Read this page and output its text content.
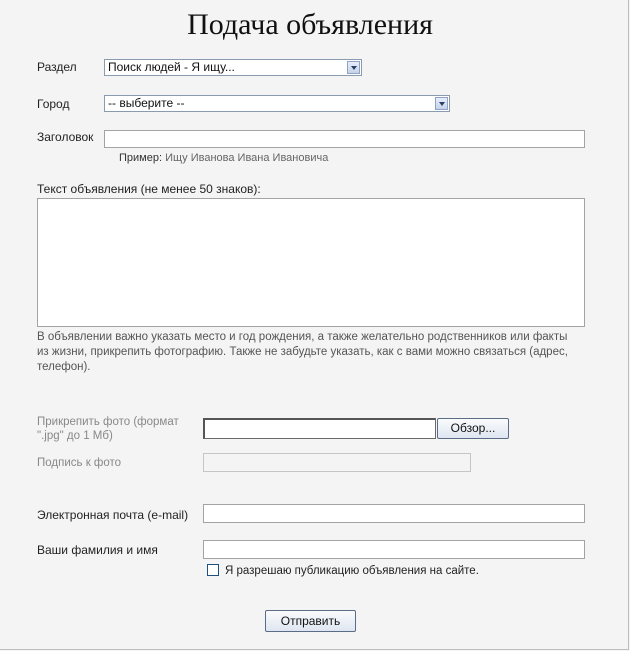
Подача объявления
Раздел	Поиск людей - Я ищу...
Город	-- выберите --
Заголовок
Пример: Ищу Иванова Ивана Ивановича
Текст объявления (не менее 50 знаков):
В объявлении важно указать место и год рождения, а также желательно родственников или факты из жизни, прикрепить фотографию. Также не забудьте указать, как с вами можно связаться (адрес, телефон).
Прикрепить фото (формат
".jpg" до 1 Мб)
Обзор...
Подпись к фото
Электронная почта (e-mail)
Ваши фамилия и имя
Я разрешаю публикацию объявления на сайте.
Отправить
